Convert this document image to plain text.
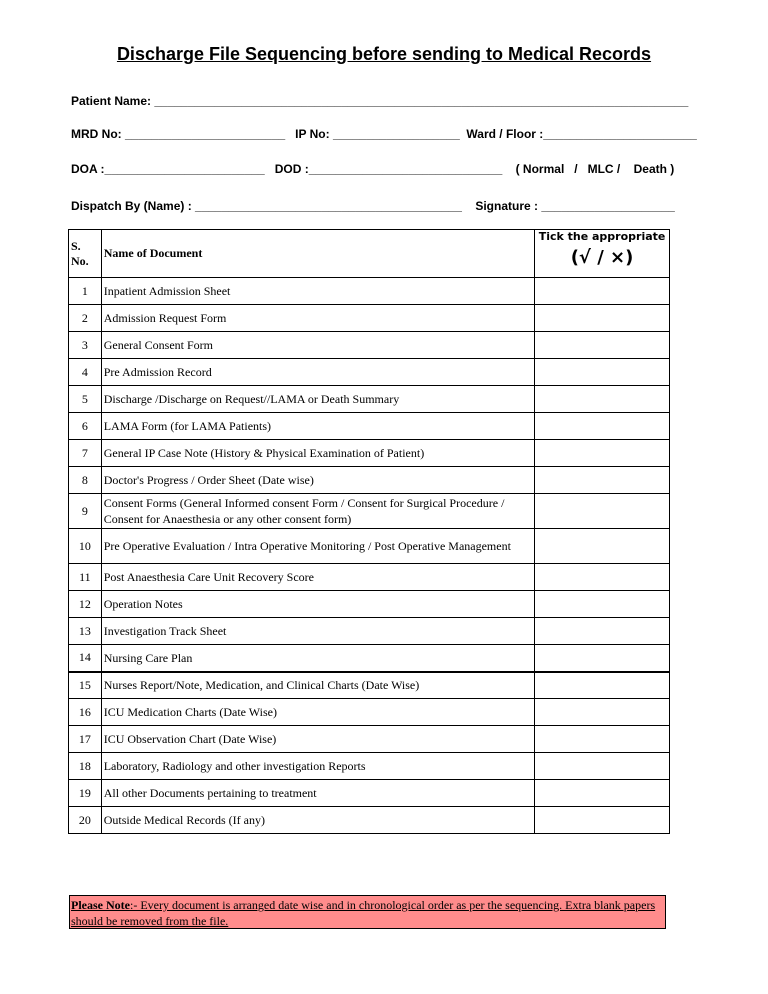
Discharge File Sequencing before sending to Medical Records
Patient Name: ________________________________________________________________________________
MRD No: ________________________   IP No: ___________________  Ward / Floor :_______________________
DOA :________________________   DOD :_____________________________    ( Normal   /   MLC /    Death )
Dispatch By (Name) : ________________________________________    Signature : ____________________
S. No.	Name of Document	Tick the appropriate
(√ / ×)

1	Inpatient Admission Sheet	
2	Admission Request Form	
3	General Consent Form	
4	Pre Admission Record	
5	Discharge /Discharge on Request//LAMA or Death Summary	
6	LAMA Form (for LAMA Patients)	
7	General IP Case Note (History & Physical Examination of Patient)	
8	Doctor's Progress / Order Sheet (Date wise)	
9	Consent Forms (General Informed consent Form / Consent for Surgical Procedure / Consent for Anaesthesia or any other consent form)	
10	Pre Operative Evaluation / Intra Operative Monitoring / Post Operative Management	
11	Post Anaesthesia Care Unit Recovery Score	
12	Operation Notes	
13	Investigation Track Sheet	
14	Nursing Care Plan	
15	Nurses Report/Note, Medication, and Clinical Charts (Date Wise)	
16	ICU Medication Charts (Date Wise)	
17	ICU Observation Chart (Date Wise)	
18	Laboratory, Radiology and other investigation Reports	
19	All other Documents pertaining to treatment	
20	Outside Medical Records (If any)	
Please Note:- Every document is arranged date wise and in chronological order as per the sequencing. Extra blank papers should be removed from the file.
